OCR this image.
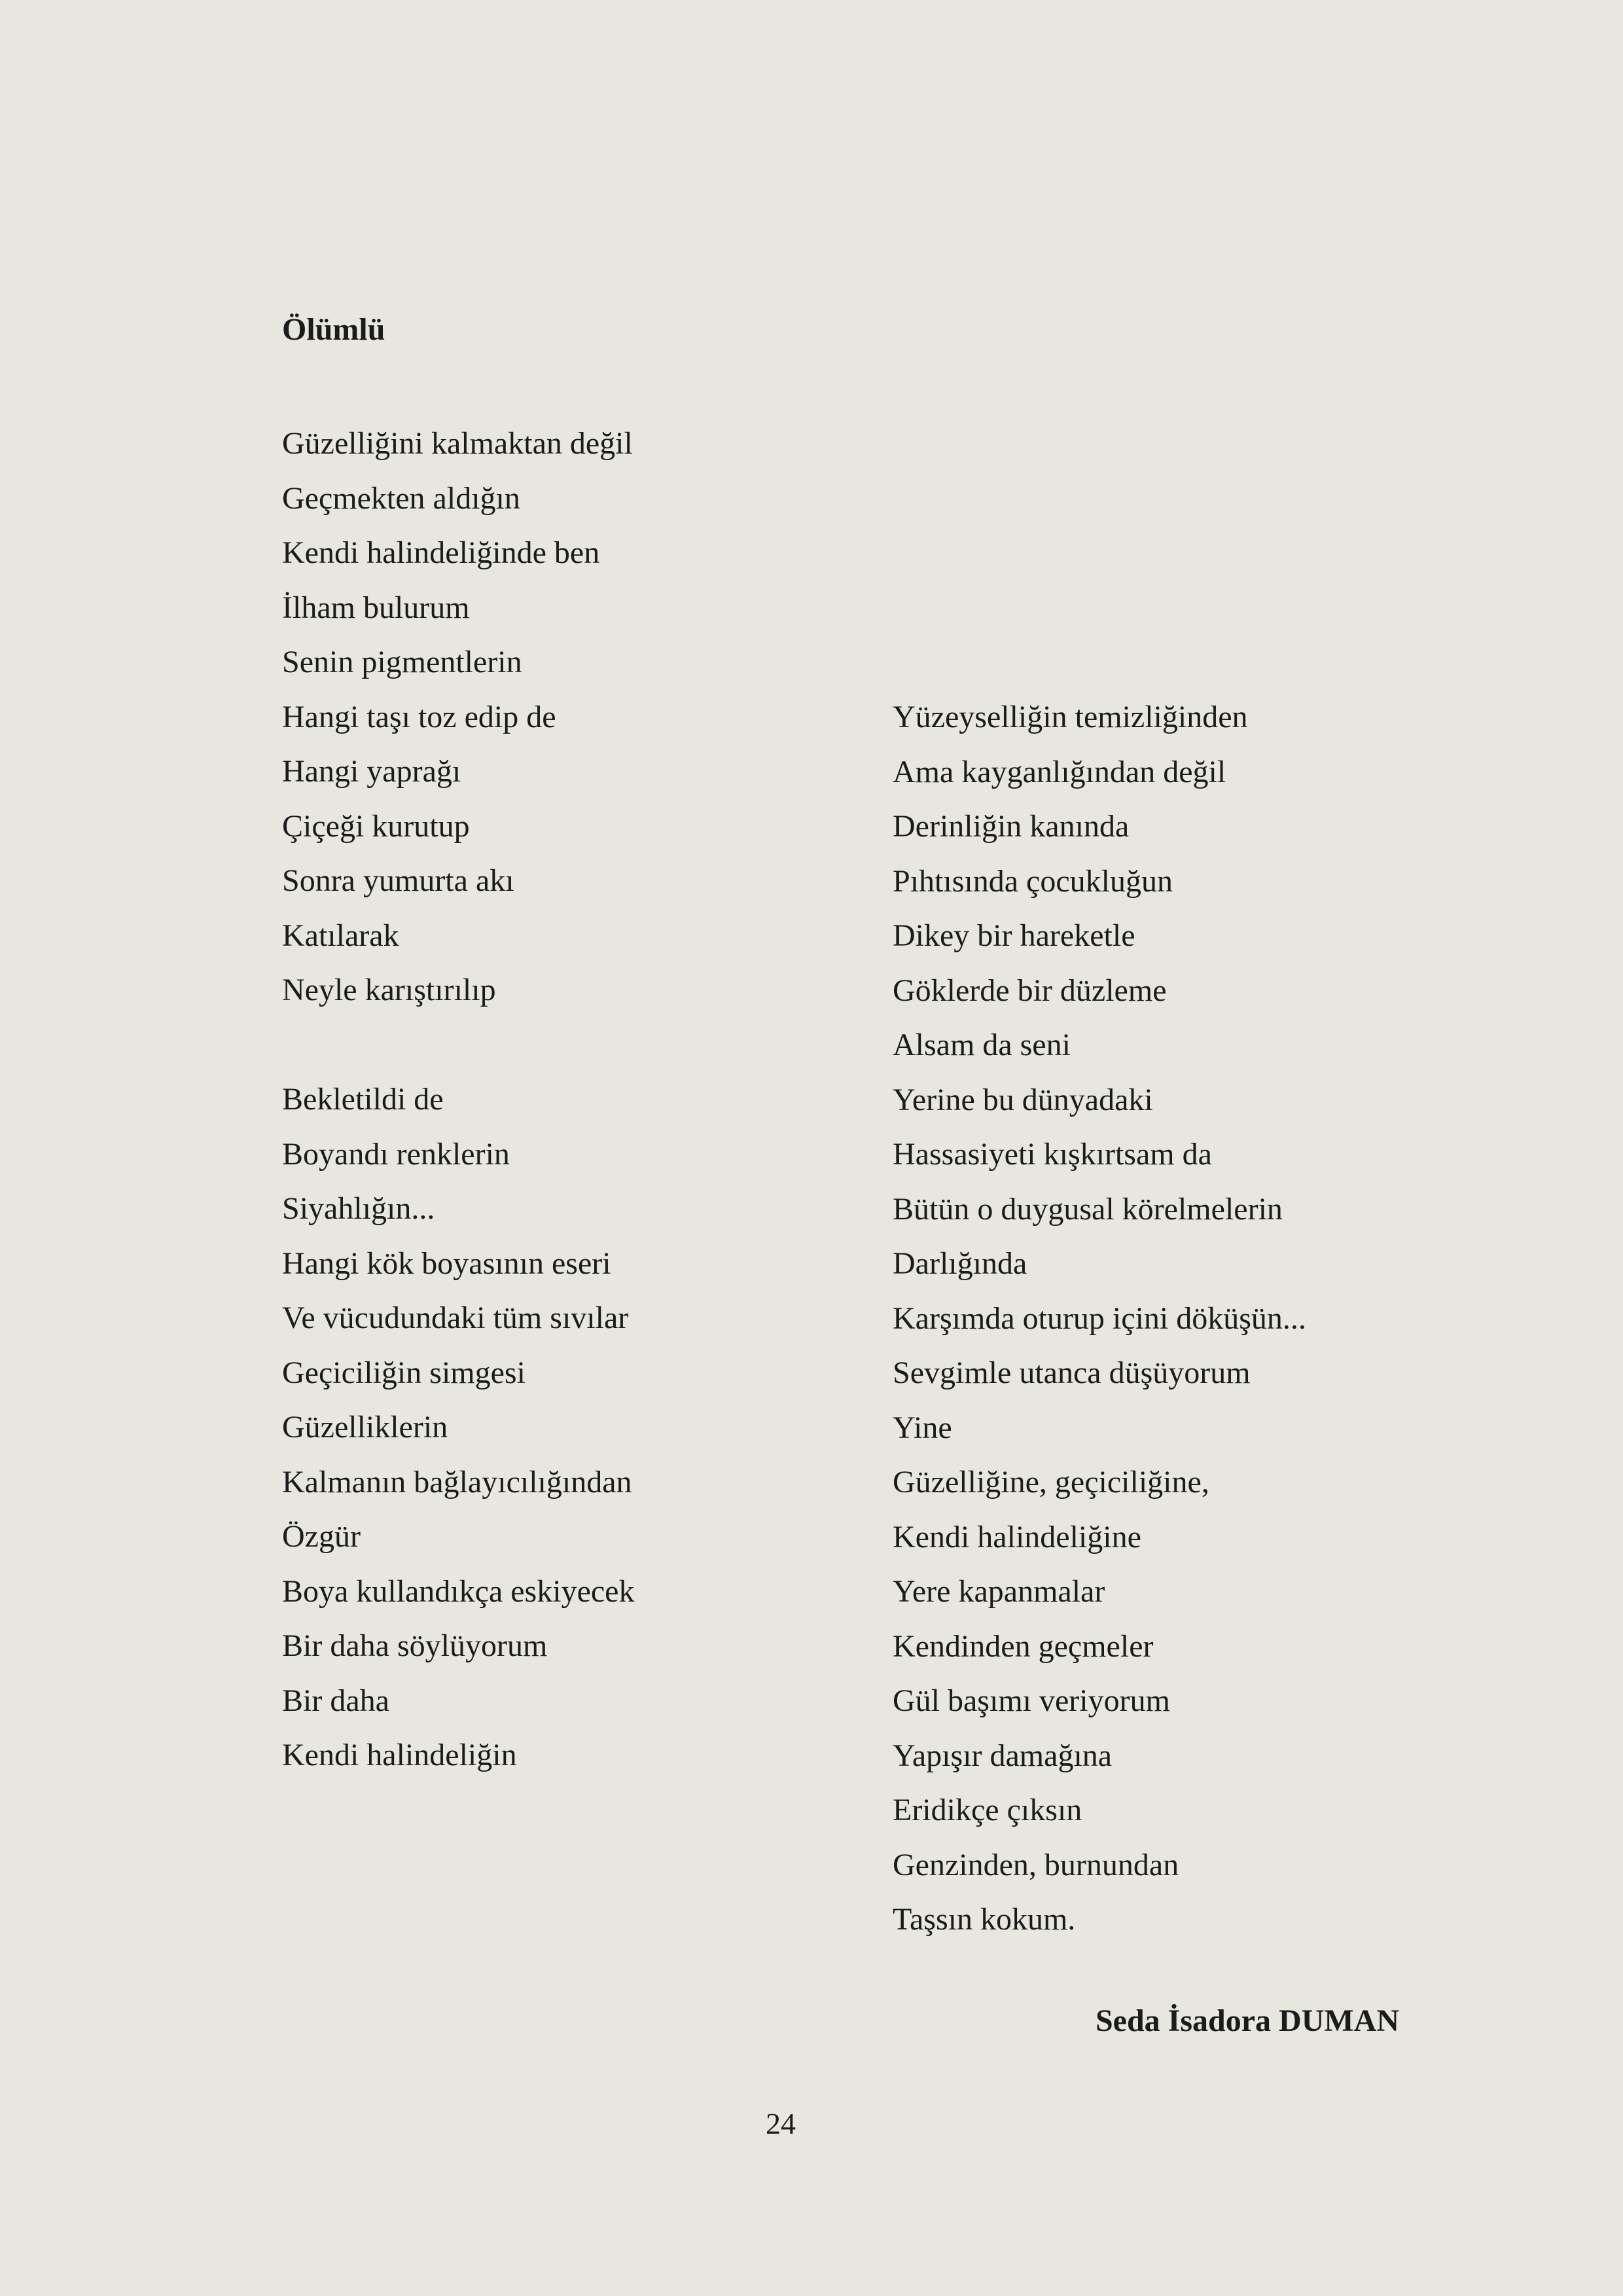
Ölümlü
Güzelliğini kalmaktan değil
Geçmekten aldığın
Kendi halindeliğinde ben
İlham bulurum
Senin pigmentlerin
Hangi taşı toz edip de
Hangi yaprağı
Çiçeği kurutup
Sonra yumurta akı
Katılarak
Neyle karıştırılıp
Bekletildi de
Boyandı renklerin
Siyahlığın...
Hangi kök boyasının eseri
Ve vücudundaki tüm sıvılar
Geçiciliğin simgesi
Güzelliklerin
Kalmanın bağlayıcılığından
Özgür
Boya kullandıkça eskiyecek
Bir daha söylüyorum
Bir daha
Kendi halindeliğin
Yüzeyselliğin temizliğinden
Ama kayganlığından değil
Derinliğin kanında
Pıhtısında çocukluğun
Dikey bir hareketle
Göklerde bir düzleme
Alsam da seni
Yerine bu dünyadaki
Hassasiyeti kışkırtsam da
Bütün o duygusal körelmelerin
Darlığında
Karşımda oturup içini döküşün...
Sevgimle utanca düşüyorum
Yine
Güzelliğine, geçiciliğine,
Kendi halindeliğine
Yere kapanmalar
Kendinden geçmeler
Gül başımı veriyorum
Yapışır damağına
Eridikçe çıksın
Genzinden, burnundan
Taşsın kokum.
Seda İsadora DUMAN
24
